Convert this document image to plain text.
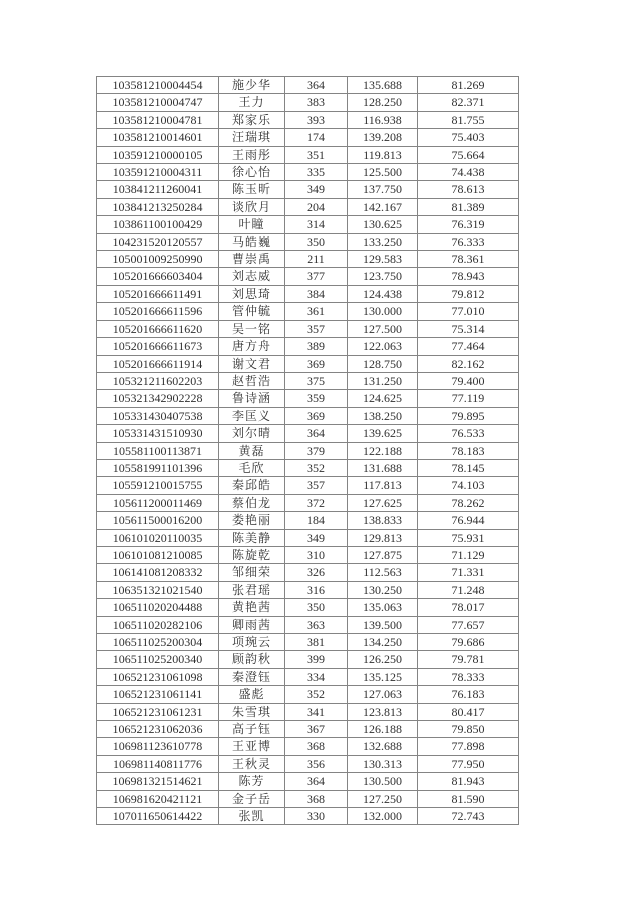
103581210004454	施少华	364	135.688	81.269
103581210004747	王力	383	128.250	82.371
103581210004781	郑家乐	393	116.938	81.755
103581210014601	汪瑞琪	174	139.208	75.403
103591210000105	王雨彤	351	119.813	75.664
103591210004311	徐心怡	335	125.500	74.438
103841211260041	陈玉昕	349	137.750	78.613
103841213250284	谈欣月	204	142.167	81.389
103861100100429	叶瞳	314	130.625	76.319
104231520120557	马皓巍	350	133.250	76.333
105001009250990	曹崇禹	211	129.583	78.361
105201666603404	刘志威	377	123.750	78.943
105201666611491	刘思琦	384	124.438	79.812
105201666611596	管仲毓	361	130.000	77.010
105201666611620	吴一铭	357	127.500	75.314
105201666611673	唐方舟	389	122.063	77.464
105201666611914	谢文君	369	128.750	82.162
105321211602203	赵哲浩	375	131.250	79.400
105321342902228	鲁诗涵	359	124.625	77.119
105331430407538	李匡义	369	138.250	79.895
105331431510930	刘尔晴	364	139.625	76.533
105581100113871	黄磊	379	122.188	78.183
105581991101396	毛欣	352	131.688	78.145
105591210015755	秦邱皓	357	117.813	74.103
105611200011469	蔡伯龙	372	127.625	78.262
105611500016200	娄艳丽	184	138.833	76.944
106101020110035	陈美静	349	129.813	75.931
106101081210085	陈旋乾	310	127.875	71.129
106141081208332	邹细荣	326	112.563	71.331
106351321021540	张君瑶	316	130.250	71.248
106511020204488	黄艳茜	350	135.063	78.017
106511020282106	卿雨茜	363	139.500	77.657
106511025200304	项琬云	381	134.250	79.686
106511025200340	顾韵秋	399	126.250	79.781
106521231061098	秦澄钰	334	135.125	78.333
106521231061141	盛彪	352	127.063	76.183
106521231061231	朱雪琪	341	123.813	80.417
106521231062036	高子钰	367	126.188	79.850
106981123610778	王亚博	368	132.688	77.898
106981140811776	王秋灵	356	130.313	77.950
106981321514621	陈芳	364	130.500	81.943
106981620421121	金子岳	368	127.250	81.590
107011650614422	张凯	330	132.000	72.743
